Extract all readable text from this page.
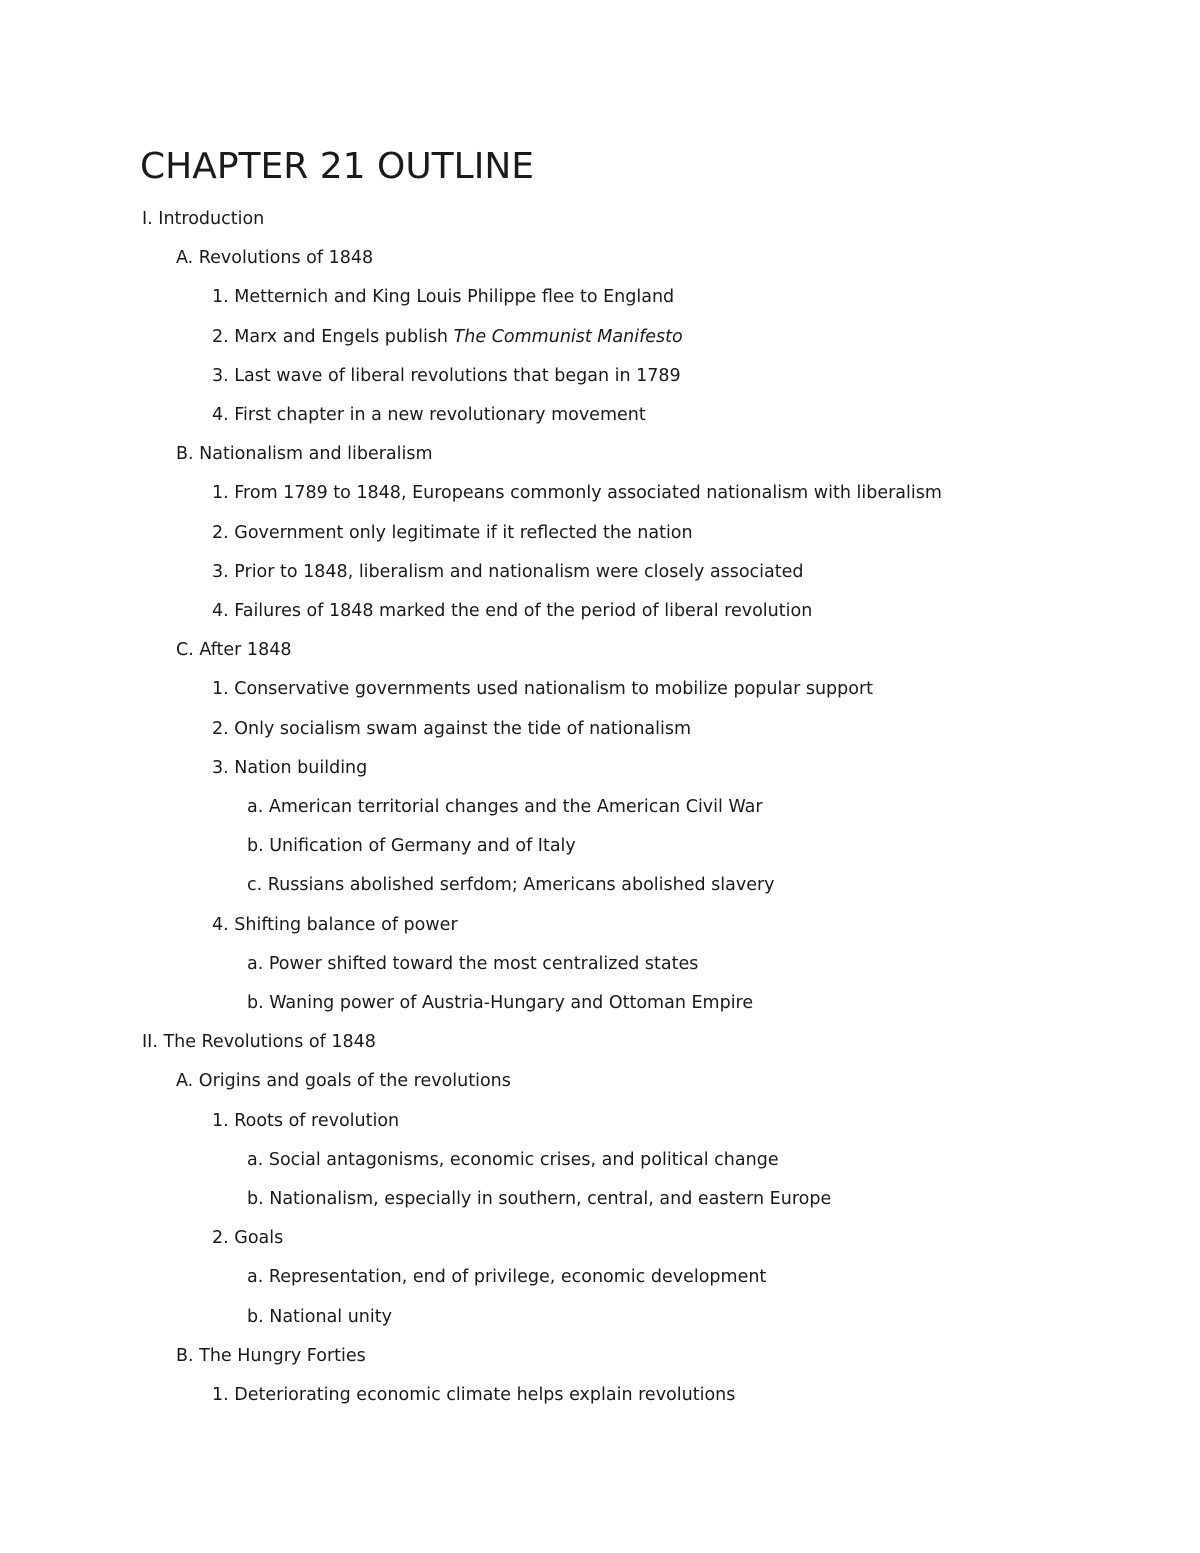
CHAPTER 21 OUTLINE
I. Introduction
A. Revolutions of 1848
1. Metternich and King Louis Philippe flee to England
2. Marx and Engels publish The Communist Manifesto
3. Last wave of liberal revolutions that began in 1789
4. First chapter in a new revolutionary movement
B. Nationalism and liberalism
1. From 1789 to 1848, Europeans commonly associated nationalism with liberalism
2. Government only legitimate if it reflected the nation
3. Prior to 1848, liberalism and nationalism were closely associated
4. Failures of 1848 marked the end of the period of liberal revolution
C. After 1848
1. Conservative governments used nationalism to mobilize popular support
2. Only socialism swam against the tide of nationalism
3. Nation building
a. American territorial changes and the American Civil War
b. Unification of Germany and of Italy
c. Russians abolished serfdom; Americans abolished slavery
4. Shifting balance of power
a. Power shifted toward the most centralized states
b. Waning power of Austria-Hungary and Ottoman Empire
II. The Revolutions of 1848
A. Origins and goals of the revolutions
1. Roots of revolution
a. Social antagonisms, economic crises, and political change
b. Nationalism, especially in southern, central, and eastern Europe
2. Goals
a. Representation, end of privilege, economic development
b. National unity
B. The Hungry Forties
1. Deteriorating economic climate helps explain revolutions
